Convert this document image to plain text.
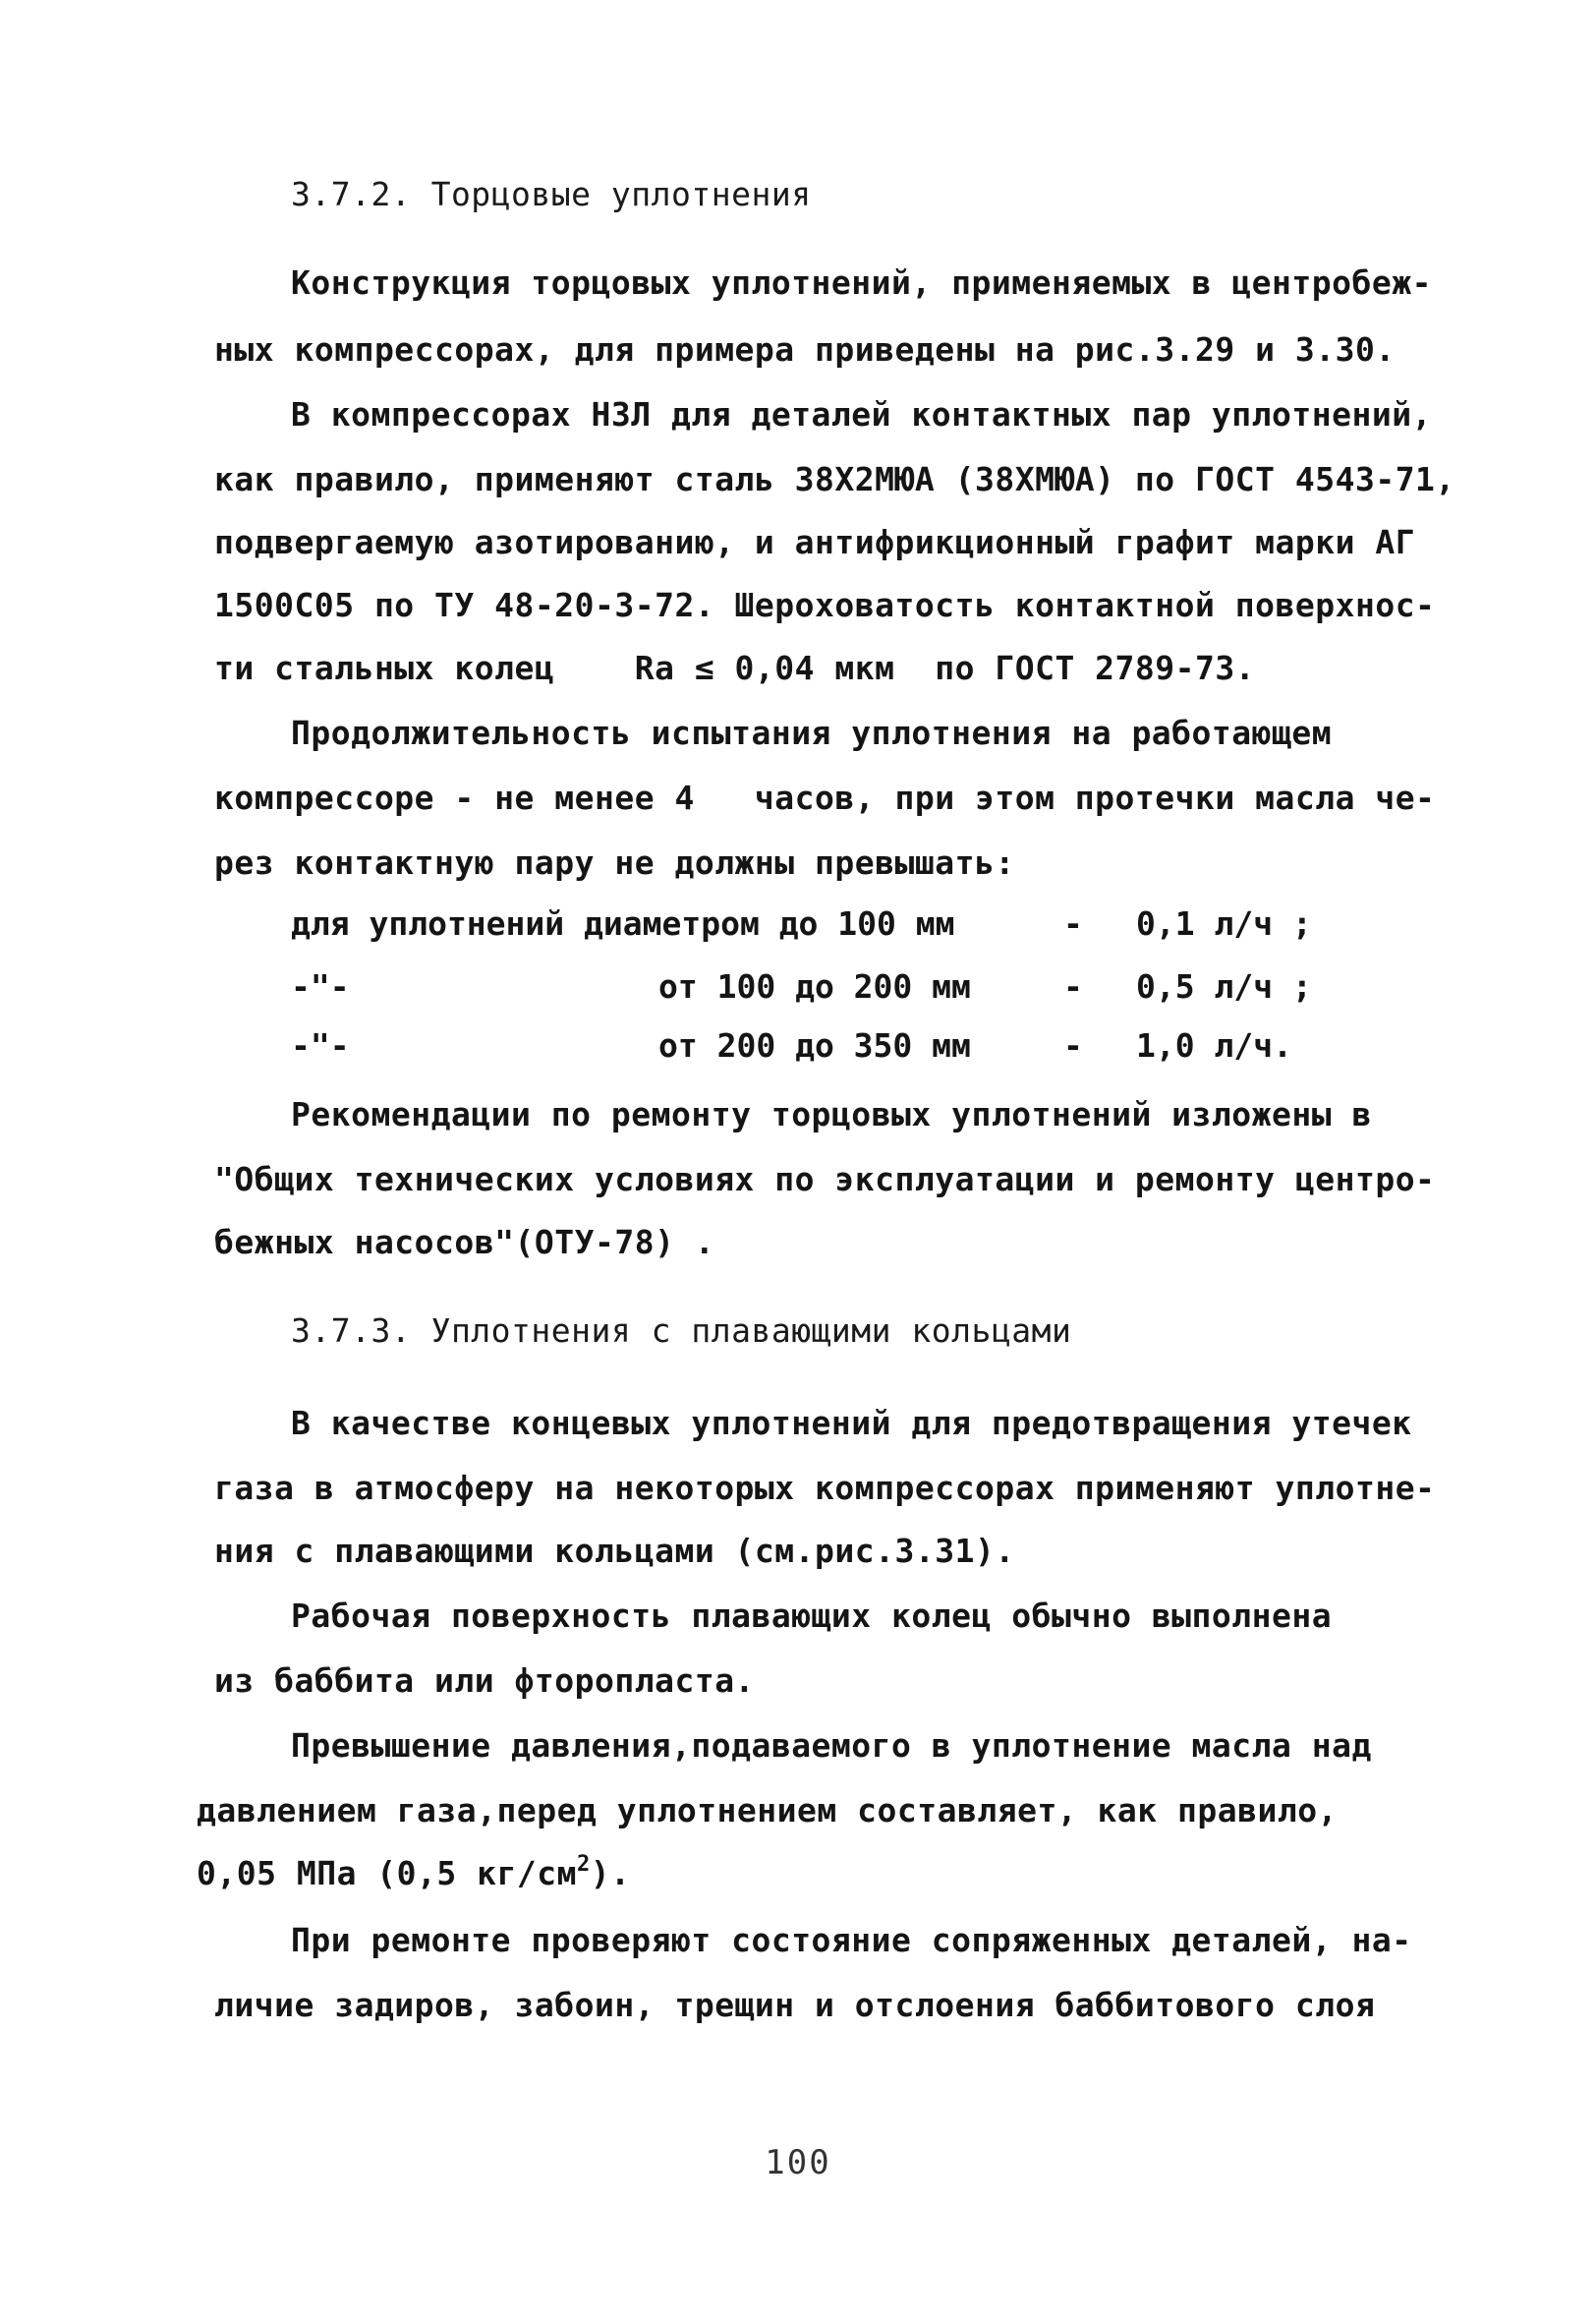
3.7.2. Торцовые уплотнения
Конструкция торцовых уплотнений, применяемых в центробеж-
ных компрессорах, для примера приведены на рис.3.29 и 3.30.
В компрессорах НЗЛ для деталей контактных пар уплотнений,
как правило, применяют сталь 38Х2МЮА (38ХМЮА) по ГОСТ 4543-71,
подвергаемую азотированию, и антифрикционный графит марки АГ
1500С05 по ТУ 48-20-3-72. Шероховатость контактной поверхнос-
ти стальных колец    Ra ≤ 0,04 мкм  по ГОСТ 2789-73.
Продолжительность испытания уплотнения на работающем
компрессоре - не менее 4   часов, при этом протечки масла че-
рез контактную пару не должны превышать:
для уплотнений диаметром до 100 мм	- 0,1 л/ч ;
-"-	от 100 до 200 мм	- 0,5 л/ч ;
-"-	от 200 до 350 мм	- 1,0 л/ч.
Рекомендации по ремонту торцовых уплотнений изложены в
"Общих технических условиях по эксплуатации и ремонту центро-
бежных насосов"(ОТУ-78) .
3.7.3. Уплотнения с плавающими кольцами
В качестве концевых уплотнений для предотвращения утечек
газа в атмосферу на некоторых компрессорах применяют уплотне-
ния с плавающими кольцами (см.рис.3.31).
Рабочая поверхность плавающих колец обычно выполнена
из баббита или фторопласта.
Превышение давления,подаваемого в уплотнение масла над
давлением газа,перед уплотнением составляет, как правило,
0,05 МПа (0,5 $кг/см^2$).
При ремонте проверяют состояние сопряженных деталей, на-
личие задиров, забоин, трещин и отслоения баббитового слоя
100
